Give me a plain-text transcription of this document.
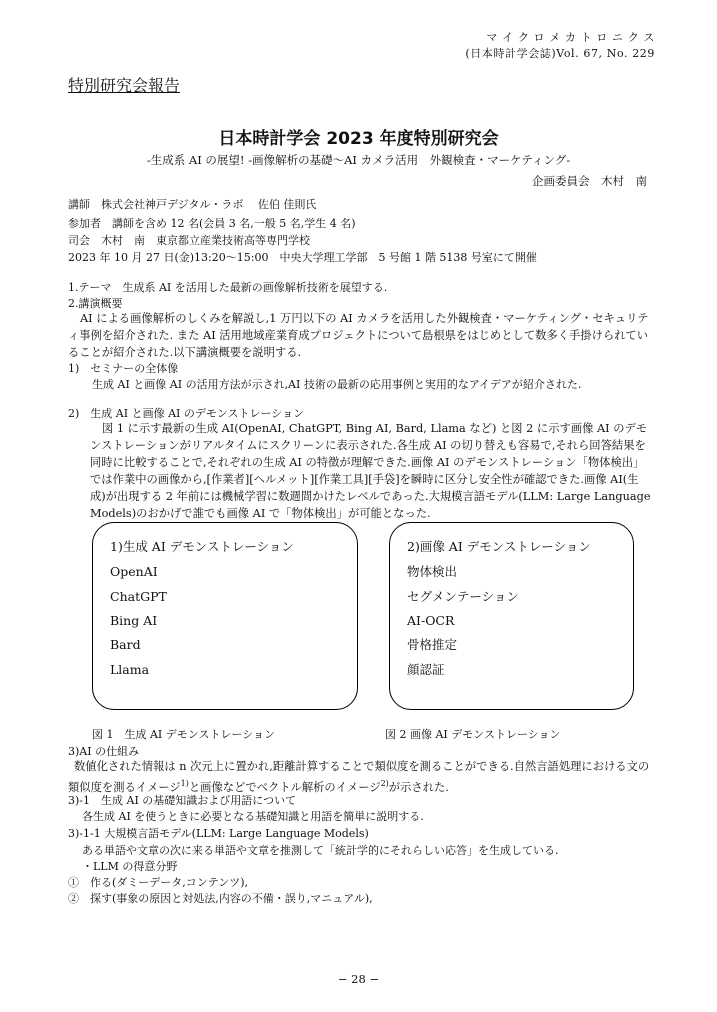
マ イ ク ロ メ カ ト ロ ニ ク ス
(日本時計学会誌)Vol. 67, No. 229
特別研究会報告
日本時計学会 2023 年度特別研究会
-生成系 AI の展望! -画像解析の基礎〜AI カメラ活用　外観検査・マーケティング-
企画委員会　木村　南
講師　株式会社神戸デジタル・ラボ　 佐伯 佳則氏
参加者　講師を含め 12 名(会員 3 名,一般 5 名,学生 4 名)
司会　木村　南　東京都立産業技術高等専門学校
2023 年 10 月 27 日(金)13:20〜15:00　中央大学理工学部　5 号館 1 階 5138 号室にて開催
1.テーマ　生成系 AI を活用した最新の画像解析技術を展望する.
2.講演概要
AI による画像解析のしくみを解説し,1 万円以下の AI カメラを活用した外観検査・マーケティング・セキュリティ事例を紹介された. また AI 活用地域産業育成プロジェクトについて島根県をはじめとして数多く手掛けられていることが紹介された.以下講演概要を説明する.
1)　セミナーの全体像
生成 AI と画像 AI の活用方法が示され,AI 技術の最新の応用事例と実用的なアイデアが紹介された.
2)　生成 AI と画像 AI のデモンストレーション
図 1 に示す最新の生成 AI(OpenAI, ChatGPT, Bing AI, Bard, Llama など) と図 2 に示す画像 AI のデモンストレーションがリアルタイムにスクリーンに表示された.各生成 AI の切り替えも容易で,それら回答結果を同時に比較することで,それぞれの生成 AI の特徴が理解できた.画像 AI のデモンストレーション「物体検出」では作業中の画像から,[作業者][ヘルメット][作業工具][手袋]を瞬時に区分し安全性が確認できた.画像 AI(生成)が出現する 2 年前には機械学習に数週間かけたレベルであった.大規模言語モデル(LLM: Large Language Models)のおかげで誰でも画像 AI で「物体検出」が可能となった.
1)生成 AI デモンストレーション
OpenAI
ChatGPT
Bing AI
Bard
Llama
2)画像 AI デモンストレーション
物体検出
セグメンテーション
AI-OCR
骨格推定
顔認証
図 1　生成 AI デモンストレーション	図 2 画像 AI デモンストレーション
3)AI の仕組み
数値化された情報は n 次元上に置かれ,距離計算することで類似度を測ることができる.自然言語処理における文の類似度を測るイメージ$^{1)}$と画像などでベクトル解析のイメージ$^{2)}$が示された.
3)-1　生成 AI の基礎知識および用語について
各生成 AI を使うときに必要となる基礎知識と用語を簡単に説明する.
3)-1-1 大規模言語モデル(LLM: Large Language Models)
ある単語や文章の次に来る単語や文章を推測して「統計学的にそれらしい応答」を生成している.
・LLM の得意分野
①　作る(ダミーデータ,コンテンツ),
②　探す(事象の原因と対処法,内容の不備・誤り,マニュアル),
− 28 −
